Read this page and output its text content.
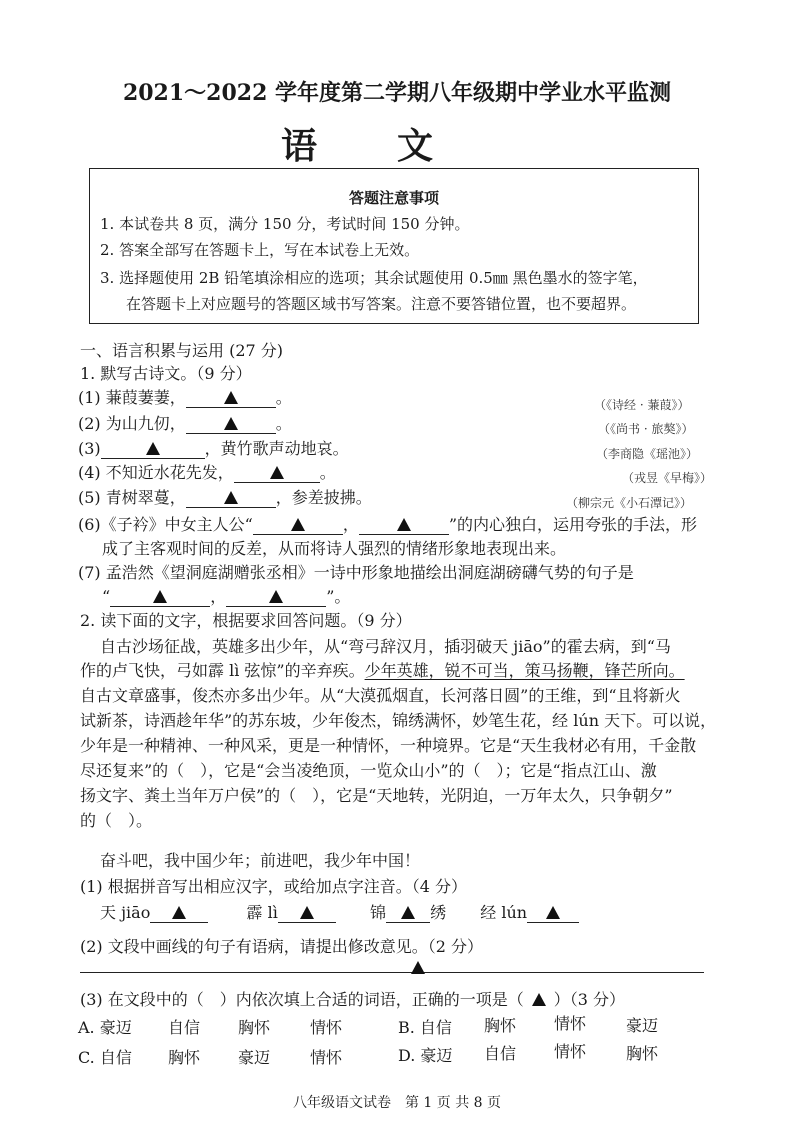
2021～2022 学年度第二学期八年级期中学业水平监测
语文
答题注意事项
1. 本试卷共 8 页，满分 150 分，考试时间 150 分钟。
2. 答案全部写在答题卡上，写在本试卷上无效。
3. 选择题使用 2B 铅笔填涂相应的选项；其余试题使用 0.5㎜ 黑色墨水的签字笔，
在答题卡上对应题号的答题区域书写答案。注意不要答错位置，也不要超界。
一、语言积累与运用 (27 分)
1. 默写古诗文。（9 分）
(1) 蒹葭萋萋，	。	（《诗经 · 蒹葭》）
(2) 为山九仞，	。	（《尚书 · 旅獒》）
(3)	，黄竹歌声动地哀。	（李商隐《瑶池》）
(4) 不知近水花先发，	。	（戎昱《早梅》）
(5) 青树翠蔓，	，参差披拂。	（柳宗元《小石潭记》）
(6)《子衿》中女主人公“	，	”的内心独白，运用夸张的手法，形
成了主客观时间的反差，从而将诗人强烈的情绪形象地表现出来。
(7) 孟浩然《望洞庭湖赠张丞相》一诗中形象地描绘出洞庭湖磅礴气势的句子是
“	，	”。
2. 读下面的文字，根据要求回答问题。（9 分）
自古沙场征战，英雄多出少年，从“弯弓辞汉月，插羽破天 jiāo”的霍去病，到“马
作的卢飞快，弓如霹 lì 弦惊”的辛弃疾。少年英雄，锐不可当，策马扬鞭，锋芒所向。
自古文章盛事，俊杰亦多出少年。从“大漠孤烟直，长河落日圆”的王维，到“且将新火
试新茶，诗酒趁年华”的苏东坡，少年俊杰，锦绣满怀，妙笔生花，经 lún 天下。可以说，
少年是一种精神、一种风采，更是一种情怀，一种境界。它是“天生我材必有用，千金散
尽还复来”的（　），它是“会当凌绝顶，一览众山小”的（　）；它是“指点江山、激
扬文字、粪土当年万户侯”的（　），它是“天地转，光阴迫，一万年太久，只争朝夕”
的（　）。
奋斗吧，我中国少年；前进吧，我少年中国！
(1) 根据拼音写出相应汉字，或给加点字注音。（4 分）
天 jiāo	霹 lì	锦	绣 经 lún
(2) 文段中画线的句子有语病，请提出修改意见。（2 分）
(3) 在文段中的（　）内依次填上合适的词语，正确的一项是（ ）（3 分）
A. 豪迈 自信 胸怀 情怀	B. 自信 胸怀 情怀 豪迈
C. 自信 胸怀 豪迈 情怀	D. 豪迈 自信 情怀 胸怀
八年级语文试卷　第 1 页 共 8 页
